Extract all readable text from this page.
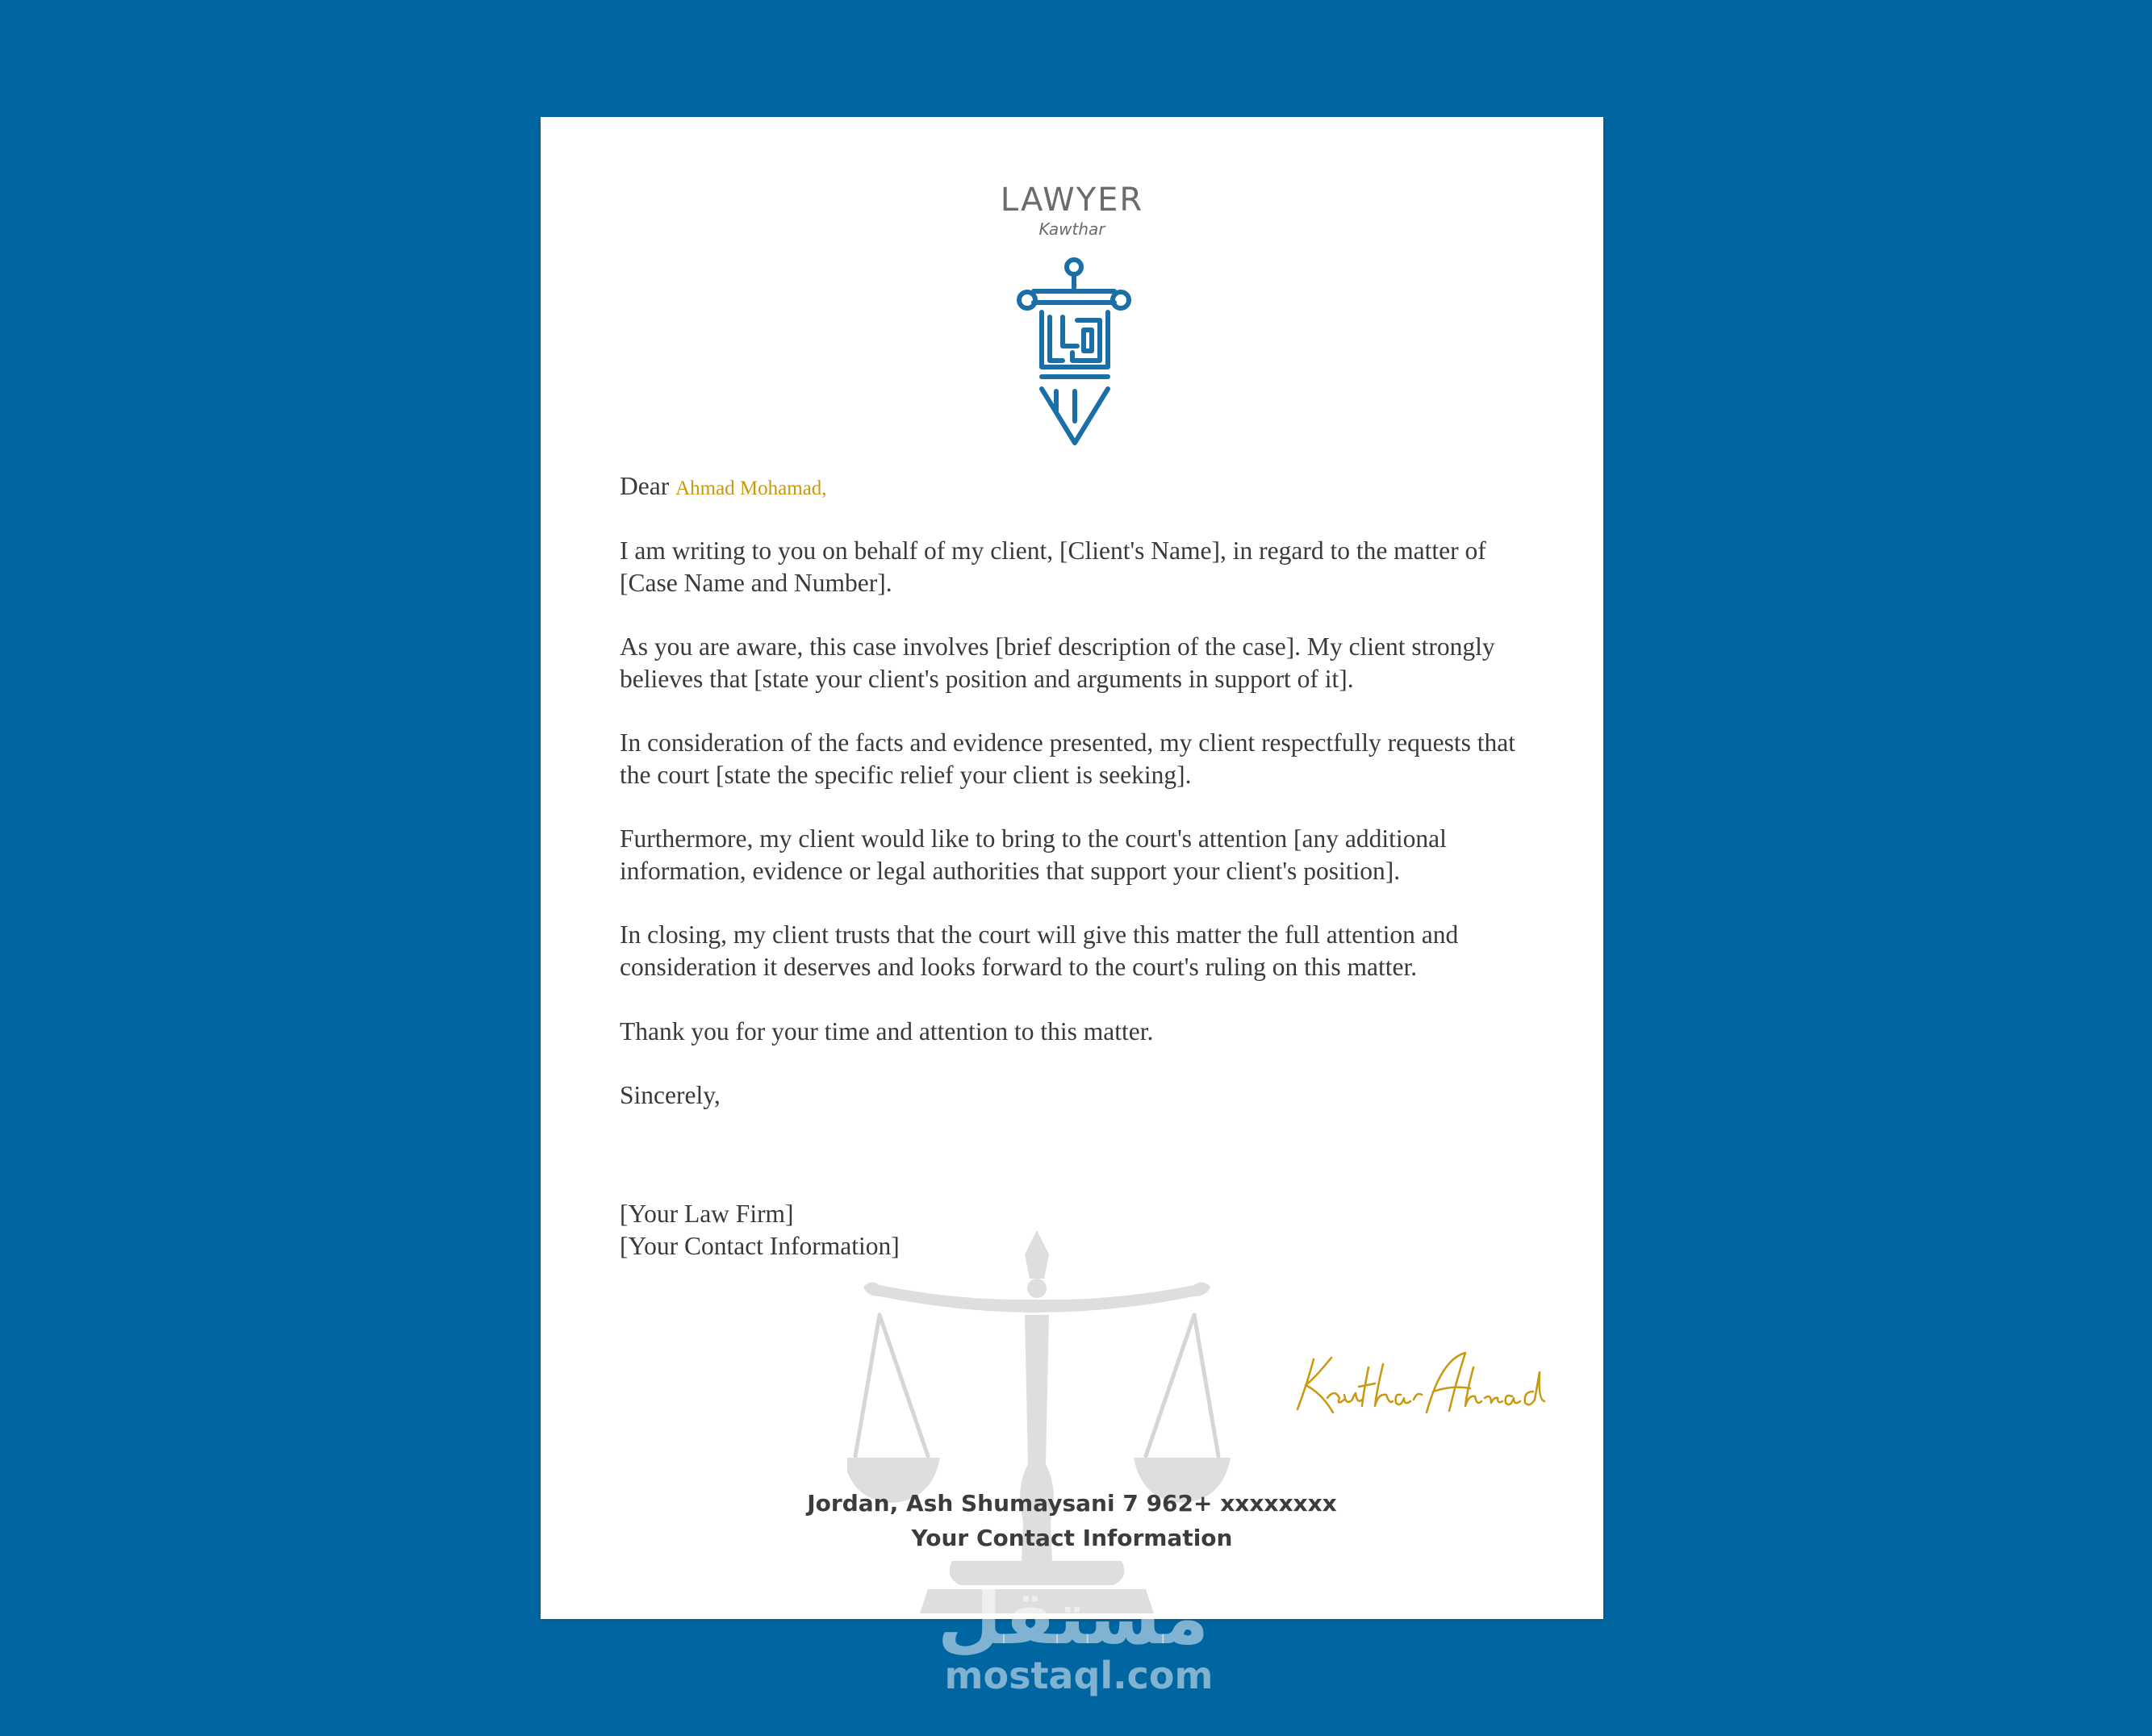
LAWYER
Kawthar
Dear Ahmad Mohamad,

I am writing to you on behalf of my client, [Client's Name], in regard to the matter of [Case Name and Number].

As you are aware, this case involves [brief description of the case]. My client strongly believes that [state your client's position and arguments in support of it].

In consideration of the facts and evidence presented, my client respectfully requests that the court [state the specific relief your client is seeking].

Furthermore, my client would like to bring to the court's attention [any additional information, evidence or legal authorities that support your client's position].

In closing, my client trusts that the court will give this matter the full attention and consideration it deserves and looks forward to the court's ruling on this matter.

Thank you for your time and attention to this matter.

Sincerely,
[Your Law Firm]
[Your Contact Information]
Jordan, Ash Shumaysani 7 962+ xxxxxxxx
Your Contact Information
مستقل
mostaql.com
